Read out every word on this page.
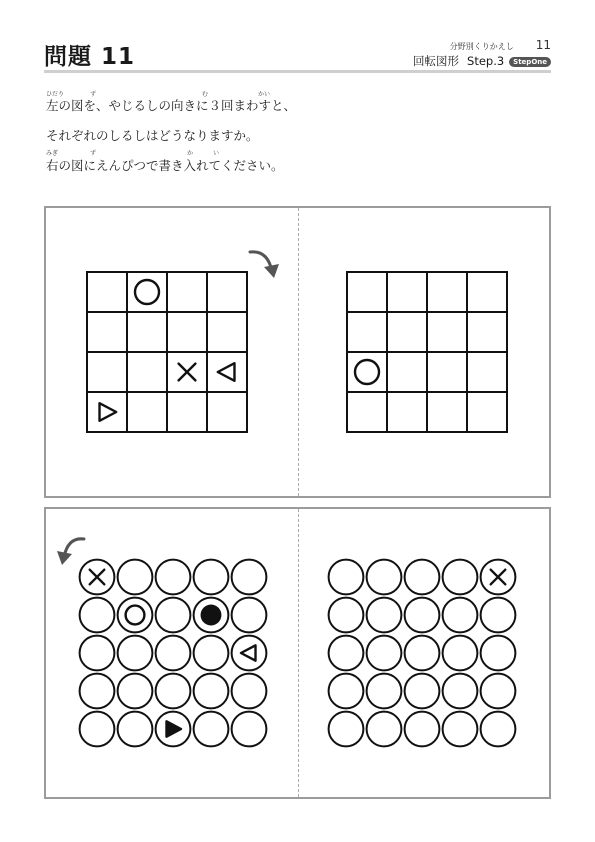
問題 11	分野別くりかえし 11
回転図形 Step.3 StepOne
ひだり	ず	む	かい
左の図を、やじるしの向きに３回まわすと、
それぞれのしるしはどうなりますか。
みぎ	ず	か	い
右の図にえんぴつで書き入れてください。
